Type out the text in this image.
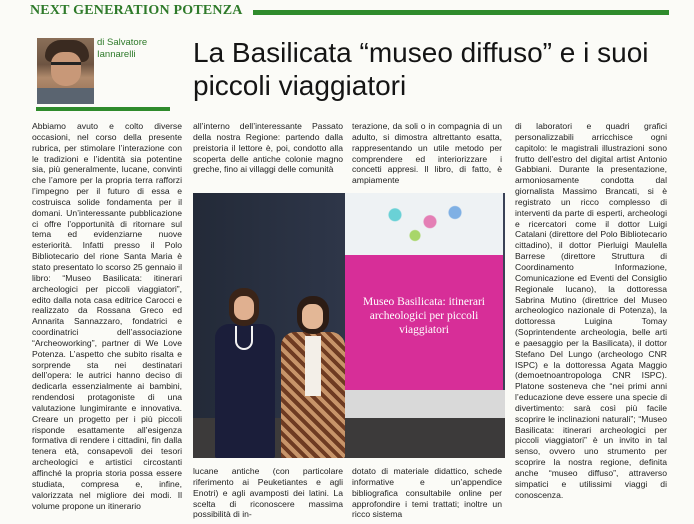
NEXT GENERATION POTENZA
di Salvatore Iannarelli	La Basilicata “museo diffuso” e i suoi piccoli viaggiatori
Abbiamo avuto e colto diverse occasioni, nel corso della presente rubrica, per stimolare l’interazione con le tradizioni e l’identità sia potentine sia, più generalmente, lucane, convinti che l’amore per la propria terra rafforzi l’impegno per il futuro di essa e costruisca solide fondamenta per il domani. Un’interessante pubblicazione ci offre l’opportunità di ritornare sul tema ed evidenziarne nuove esteriorità. Infatti presso il Polo Bibliotecario del rione Santa Maria è stato presentato lo scorso 25 gennaio il libro: “Museo Basilicata: itinerari archeologici per piccoli viaggiatori”, edito dalla nota casa editrice Carocci e realizzato da Rossana Greco ed Annarita Sannazzaro, fondatrici e coordinatrici dell’associazione “Archeoworking”, partner di We Love Potenza. L’aspetto che subito risalta e sorprende sta nei destinatari dell’opera: le autrici hanno deciso di dedicarla essenzialmente ai bambini, rendendosi protagoniste di una valutazione lungimirante e innovativa. Creare un progetto per i più piccoli risponde esattamente all’esigenza formativa di rendere i cittadini, fin dalla tenera età, consapevoli dei tesori archeologici e artistici circostanti affinché la propria storia possa essere studiata, compresa e, infine, valorizzata nel migliore dei modi. Il volume propone un itinerario
all’interno dell’interessante Passato della nostra Regione: partendo dalla preistoria il lettore è, poi, condotto alla scoperta delle antiche colonie magno greche, fino ai villaggi delle comunità
terazione, da soli o in compagnia di un adulto, si dimostra altrettanto esatta, rappresentando un utile metodo per comprendere ed interiorizzare i concetti appresi. Il libro, di fatto, è ampiamente
Museo Basilicata: itinerari archeologici per piccoli viaggiatori
lucane antiche (con particolare riferimento ai Peuketiantes e agli Enotri) e agli avamposti dei latini. La scelta di riconoscere massima possibilità di in-
dotato di materiale didattico, schede informative e un’appendice bibliografica consultabile online per approfondire i temi trattati; inoltre un ricco sistema
di laboratori e quadri grafici personalizzabili arricchisce ogni capitolo: le magistrali illustrazioni sono frutto dell’estro del digital artist Antonio Gabbiani. Durante la presentazione, armoniosamente condotta dal giornalista Massimo Brancati, si è registrato un ricco complesso di interventi da parte di esperti, archeologi e ricercatori come il dottor Luigi Catalani (direttore del Polo Bibliotecario cittadino), il dottor Pierluigi Maulella Barrese (direttore Struttura di Coordinamento Informazione, Comunicazione ed Eventi del Consiglio Regionale lucano), la dottoressa Sabrina Mutino (direttrice del Museo archeologico nazionale di Potenza), la dottoressa Luigina Tomay (Soprintendente archeologia, belle arti e paesaggio per la Basilicata), il dottor Stefano Del Lungo (archeologo CNR ISPC) e la dottoressa Agata Maggio (demoetnoantropologa CNR ISPC). Platone sosteneva che “nei primi anni l’educazione deve essere una specie di divertimento: sarà così più facile scoprire le inclinazioni naturali”; “Museo Basilicata: itinerari archeologici per piccoli viaggiatori” è un invito in tal senso, ovvero uno strumento per scoprire la nostra regione, definita anche “museo diffuso”, attraverso simpatici e utilissimi viaggi di conoscenza.
